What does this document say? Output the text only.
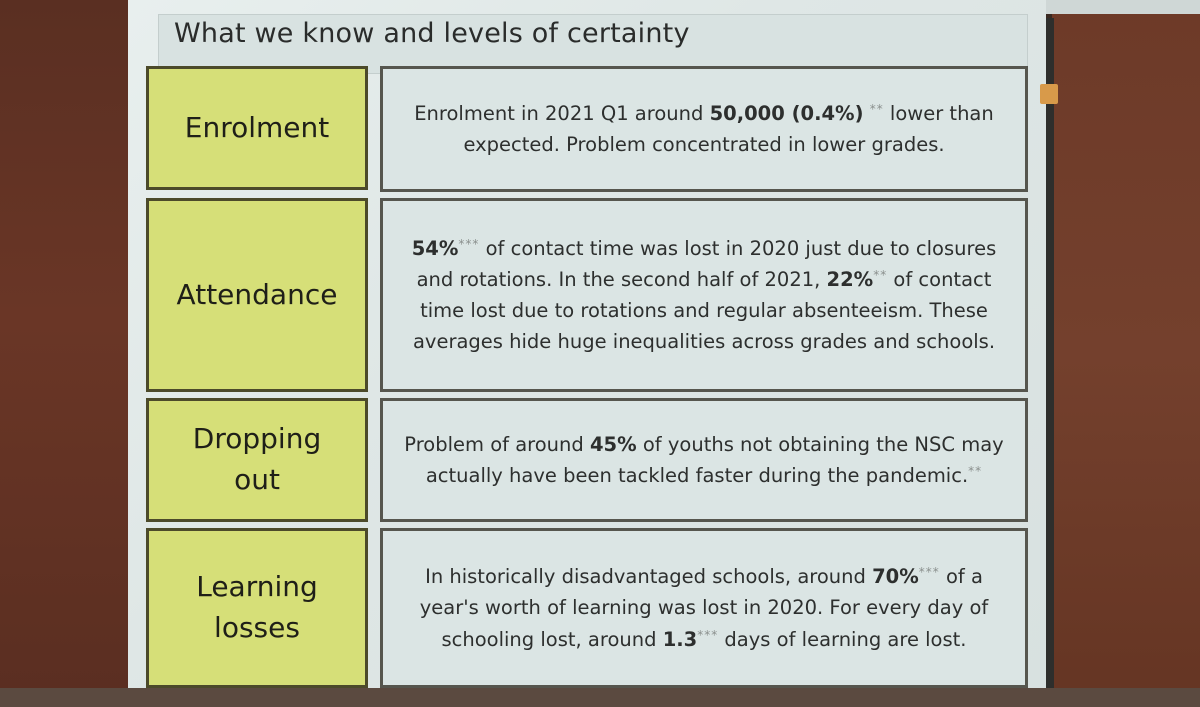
What we know and levels of certainty
Enrolment	Enrolment in 2021 Q1 around 50,000 (0.4%) ** lower than expected. Problem concentrated in lower grades.
Attendance
54%*** of contact time was lost in 2020 just due to closures and rotations. In the second half of 2021, 22%** of contact time lost due to rotations and regular absenteeism. These averages hide huge inequalities across grades and schools.
Dropping out
Problem of around 45% of youths not obtaining the NSC may actually have been tackled faster during the pandemic.**
Learning losses
In historically disadvantaged schools, around 70%*** of a year's worth of learning was lost in 2020. For every day of schooling lost, around 1.3*** days of learning are lost.
